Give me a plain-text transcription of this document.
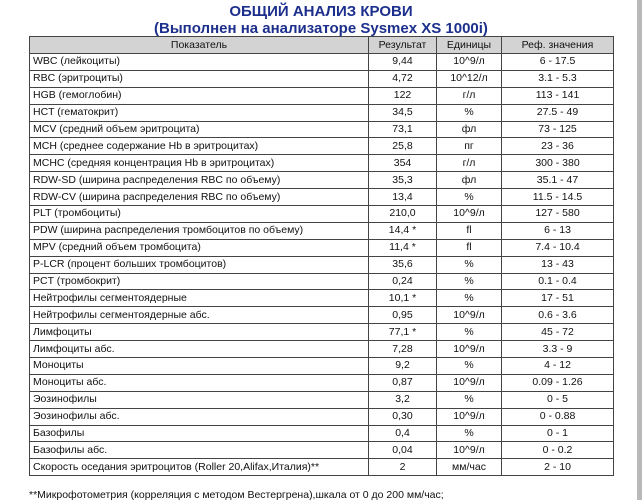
ОБЩИЙ АНАЛИЗ КРОВИ
(Выполнен на анализаторе Sysmex XS 1000i)
Показатель	Результат	Единицы	Реф. значения
WBC (лейкоциты)	9,44	10^9/л	6 - 17.5
RBC (эритроциты)	4,72	10^12/л	3.1 - 5.3
HGB (гемоглобин)	122	г/л	113 - 141
HCT (гематокрит)	34,5	%	27.5 - 49
MCV (средний объем эритроцита)	73,1	фл	73 - 125
MCH (среднее содержание Hb в эритроцитах)	25,8	пг	23 - 36
MCHC (средняя концентрация Hb в эритроцитах)	354	г/л	300 - 380
RDW-SD (ширина распределения RBC по объему)	35,3	фл	35.1 - 47
RDW-CV (ширина распределения RBC по объему)	13,4	%	11.5 - 14.5
PLT (тромбоциты)	210,0	10^9/л	127 - 580
PDW (ширина распределения тромбоцитов по объему)	14,4 *	fl	6 - 13
MPV (средний объем тромбоцита)	11,4 *	fl	7.4 - 10.4
P-LCR (процент больших тромбоцитов)	35,6	%	13 - 43
PCT (тромбокрит)	0,24	%	0.1 - 0.4
Нейтрофилы сегментоядерные	10,1 *	%	17 - 51
Нейтрофилы сегментоядерные абс.	0,95	10^9/л	0.6 - 3.6
Лимфоциты	77,1 *	%	45 - 72
Лимфоциты абс.	7,28	10^9/л	3.3 - 9
Моноциты	9,2	%	4 - 12
Моноциты абс.	0,87	10^9/л	0.09 - 1.26
Эозинофилы	3,2	%	0 - 5
Эозинофилы абс.	0,30	10^9/л	0 - 0.88
Базофилы	0,4	%	0 - 1
Базофилы абс.	0,04	10^9/л	0 - 0.2
Скорость оседания эритроцитов (Roller 20,Alifax,Италия)**	2	мм/час	2 - 10
**Микрофотометрия (корреляция с методом Вестергрена),шкала от 0 до 200 мм/час;
